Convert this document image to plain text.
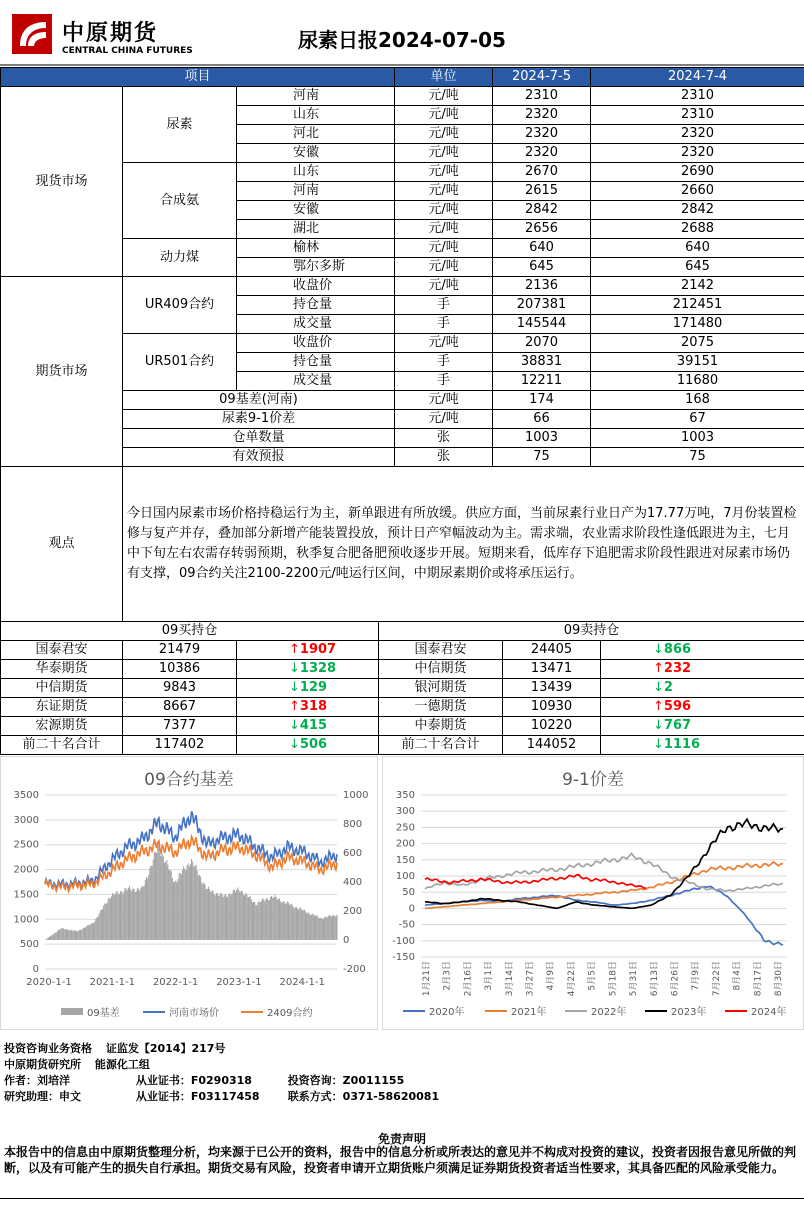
中原期货
CENTRAL CHINA FUTURES	尿素日报2024-07-05
项目			单位	2024-7-5	2024-7-4	
现货市场	尿素	河南	元/吨	2310	2310	
		山东	元/吨	2320	2310	
		河北	元/吨	2320	2320	
		安徽	元/吨	2320	2320	
	合成氨	山东	元/吨	2670	2690	
		河南	元/吨	2615	2660	
		安徽	元/吨	2842	2842	
		湖北	元/吨	2656	2688	
	动力煤	榆林	元/吨	640	640	
		鄂尔多斯	元/吨	645	645	
期货市场	UR409合约	收盘价	元/吨	2136	2142	
		持仓量	手	207381	212451	
		成交量	手	145544	171480	
	UR501合约	收盘价	元/吨	2070	2075	
		持仓量	手	38831	39151	
		成交量	手	12211	11680	
	09基差(河南)		元/吨	174	168	
	尿素9-1价差		元/吨	66	67	
	仓单数量		张	1003	1003	
	有效预报		张	75	75	
观点	今日国内尿素市场价格持稳运行为主，新单跟进有所放缓。供应方面，当前尿素行业日产为17.77万吨，7月份装置检修与复产并存，叠加部分新增产能装置投放，预计日产窄幅波动为主。需求端，农业需求阶段性逢低跟进为主，七月中下旬左右农需存转弱预期，秋季复合肥备肥预收逐步开展。短期来看，低库存下追肥需求阶段性跟进对尿素市场仍有支撑，09合约关注2100-2200元/吨运行区间，中期尿素期价或将承压运行。					
09买持仓			09卖持仓		
国泰君安	21479	↑1907	国泰君安	24405	↓866
华泰期货	10386	↓1328	中信期货	13471	↑232
中信期货	9843	↓129	银河期货	13439	↓2
东证期货	8667	↑318	一德期货	10930	↑596
宏源期货	7377	↓415	中泰期货	10220	↓767
前二十名合计	117402	↓506	前二十名合计	144052	↓1116
09合约基差
0
500
1000
1500
2000
2500
3000
3500
-200
0
200
400
600
800
1000
2020-1-1 2021-1-1 2022-1-1 2023-1-1 2024-1-1
09基差	河南市场价	2409合约
9-1价差
-150
-100
-50
0
50
100
150
200
250
300
350
1月21日 2月3日 2月16日 3月1日 3月14日 3月27日 4月9日 4月22日 5月5日 5月18日 5月31日 6月13日 6月26日 7月9日 7月22日 8月4日 8月17日 8月30日
2020年	2021年	2022年	2023年	2024年
投资咨询业务资格 证监发【2014】217号
中原期货研究所 能源化工组
作者：刘培洋	从业证书：F0290318	投资咨询：Z0011155
研究助理：申文	从业证书：F03117458	联系方式：0371-58620081
免责声明
本报告中的信息由中原期货整理分析，均来源于已公开的资料，报告中的信息分析或所表达的意见并不构成对投资的建议，投资者因报告意见所做的判断，以及有可能产生的损失自行承担。期货交易有风险，投资者申请开立期货账户须满足证券期货投资者适当性要求，其具备匹配的风险承受能力。
